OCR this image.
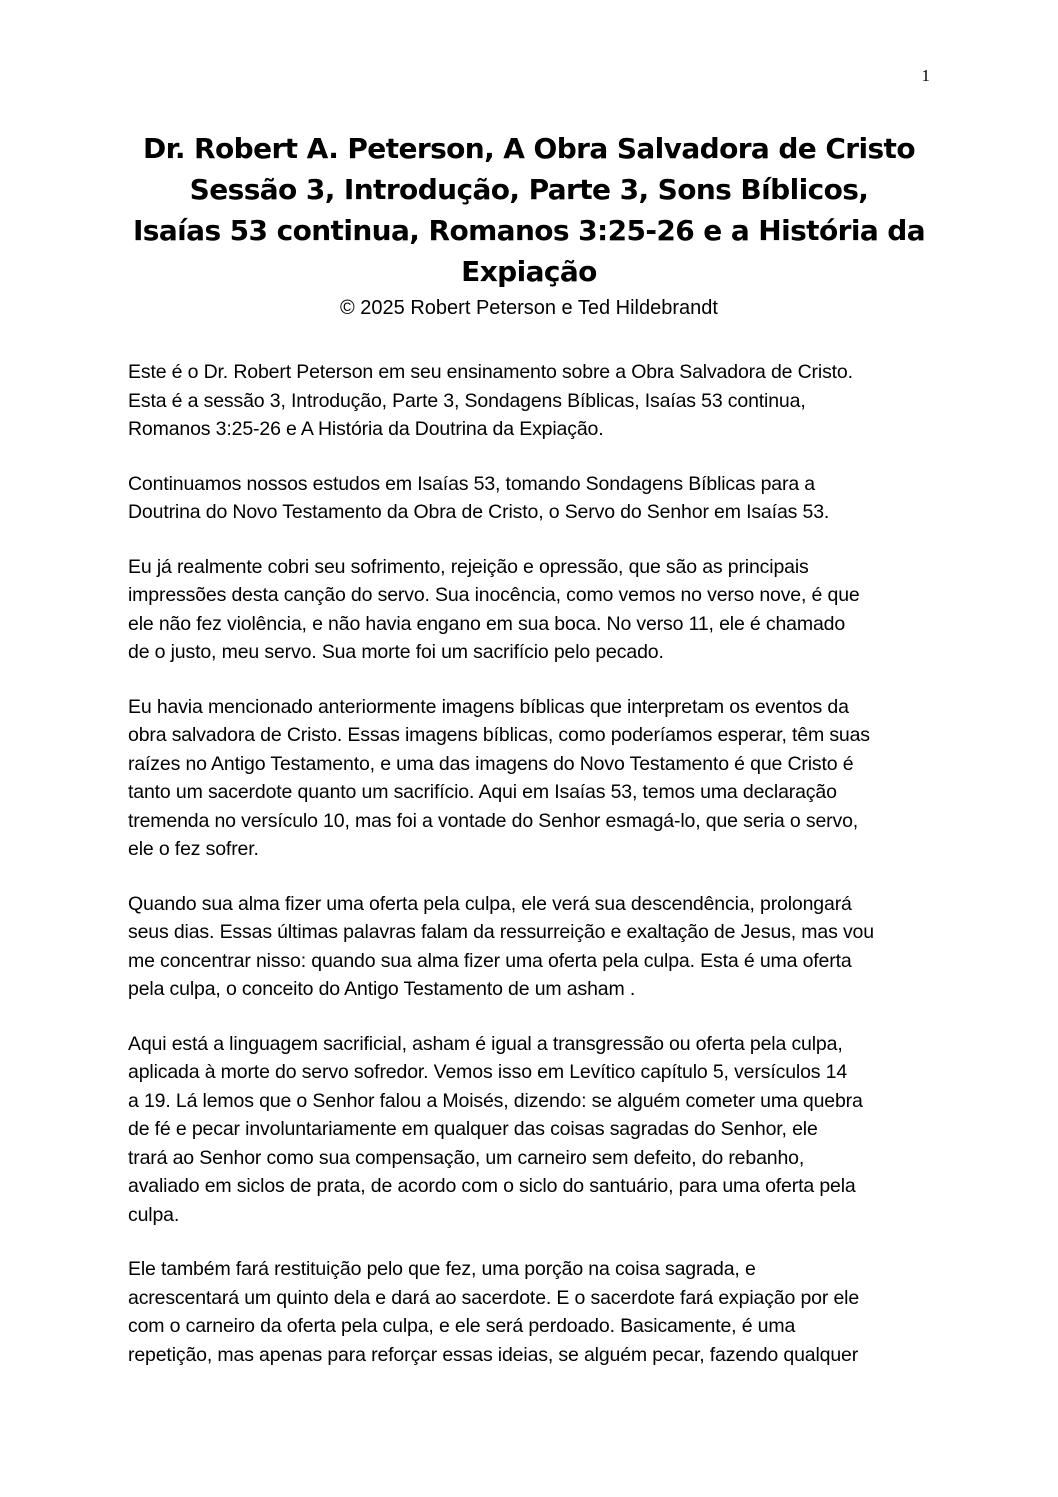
1
Dr. Robert A. Peterson, A Obra Salvadora de Cristo
Sessão 3, Introdução, Parte 3, Sons Bíblicos,
Isaías 53 continua, Romanos 3:25-26 e a História da
Expiação
© 2025 Robert Peterson e Ted Hildebrandt
Este é o Dr. Robert Peterson em seu ensinamento sobre a Obra Salvadora de Cristo.
Esta é a sessão 3, Introdução, Parte 3, Sondagens Bíblicas, Isaías 53 continua,
Romanos 3:25-26 e A História da Doutrina da Expiação.
Continuamos nossos estudos em Isaías 53, tomando Sondagens Bíblicas para a
Doutrina do Novo Testamento da Obra de Cristo, o Servo do Senhor em Isaías 53.
Eu já realmente cobri seu sofrimento, rejeição e opressão, que são as principais
impressões desta canção do servo. Sua inocência, como vemos no verso nove, é que
ele não fez violência, e não havia engano em sua boca. No verso 11, ele é chamado
de o justo, meu servo. Sua morte foi um sacrifício pelo pecado.
Eu havia mencionado anteriormente imagens bíblicas que interpretam os eventos da
obra salvadora de Cristo. Essas imagens bíblicas, como poderíamos esperar, têm suas
raízes no Antigo Testamento, e uma das imagens do Novo Testamento é que Cristo é
tanto um sacerdote quanto um sacrifício. Aqui em Isaías 53, temos uma declaração
tremenda no versículo 10, mas foi a vontade do Senhor esmagá-lo, que seria o servo,
ele o fez sofrer.
Quando sua alma fizer uma oferta pela culpa, ele verá sua descendência, prolongará
seus dias. Essas últimas palavras falam da ressurreição e exaltação de Jesus, mas vou
me concentrar nisso: quando sua alma fizer uma oferta pela culpa. Esta é uma oferta
pela culpa, o conceito do Antigo Testamento de um asham .
Aqui está a linguagem sacrificial, asham é igual a transgressão ou oferta pela culpa,
aplicada à morte do servo sofredor. Vemos isso em Levítico capítulo 5, versículos 14
a 19. Lá lemos que o Senhor falou a Moisés, dizendo: se alguém cometer uma quebra
de fé e pecar involuntariamente em qualquer das coisas sagradas do Senhor, ele
trará ao Senhor como sua compensação, um carneiro sem defeito, do rebanho,
avaliado em siclos de prata, de acordo com o siclo do santuário, para uma oferta pela
culpa.
Ele também fará restituição pelo que fez, uma porção na coisa sagrada, e
acrescentará um quinto dela e dará ao sacerdote. E o sacerdote fará expiação por ele
com o carneiro da oferta pela culpa, e ele será perdoado. Basicamente, é uma
repetição, mas apenas para reforçar essas ideias, se alguém pecar, fazendo qualquer
